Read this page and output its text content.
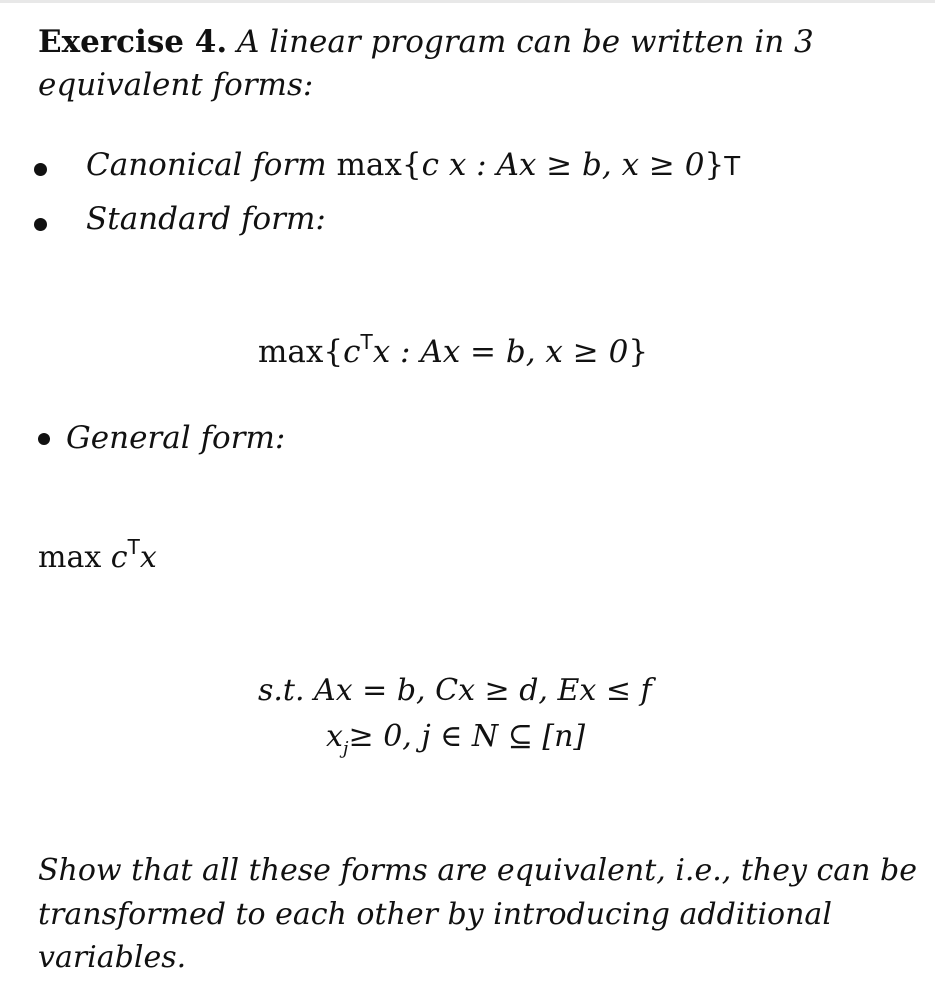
Exercise 4. A linear program can be written in 3
equivalent forms:
Canonical form max{c x : Ax ≥ b, x ≥ 0}T
Standard form:
$\max\{c^Tx$ : Ax = b, x ≥ 0}
General form:
$\max c^Tx$
s.t. Ax = b, Cx ≥ d, Ex ≤ f
$x_j\ge 0$, j ∈ N ⊆ [n]
Show that all these forms are equivalent, i.e., they can be
transformed to each other by introducing additional
variables.
